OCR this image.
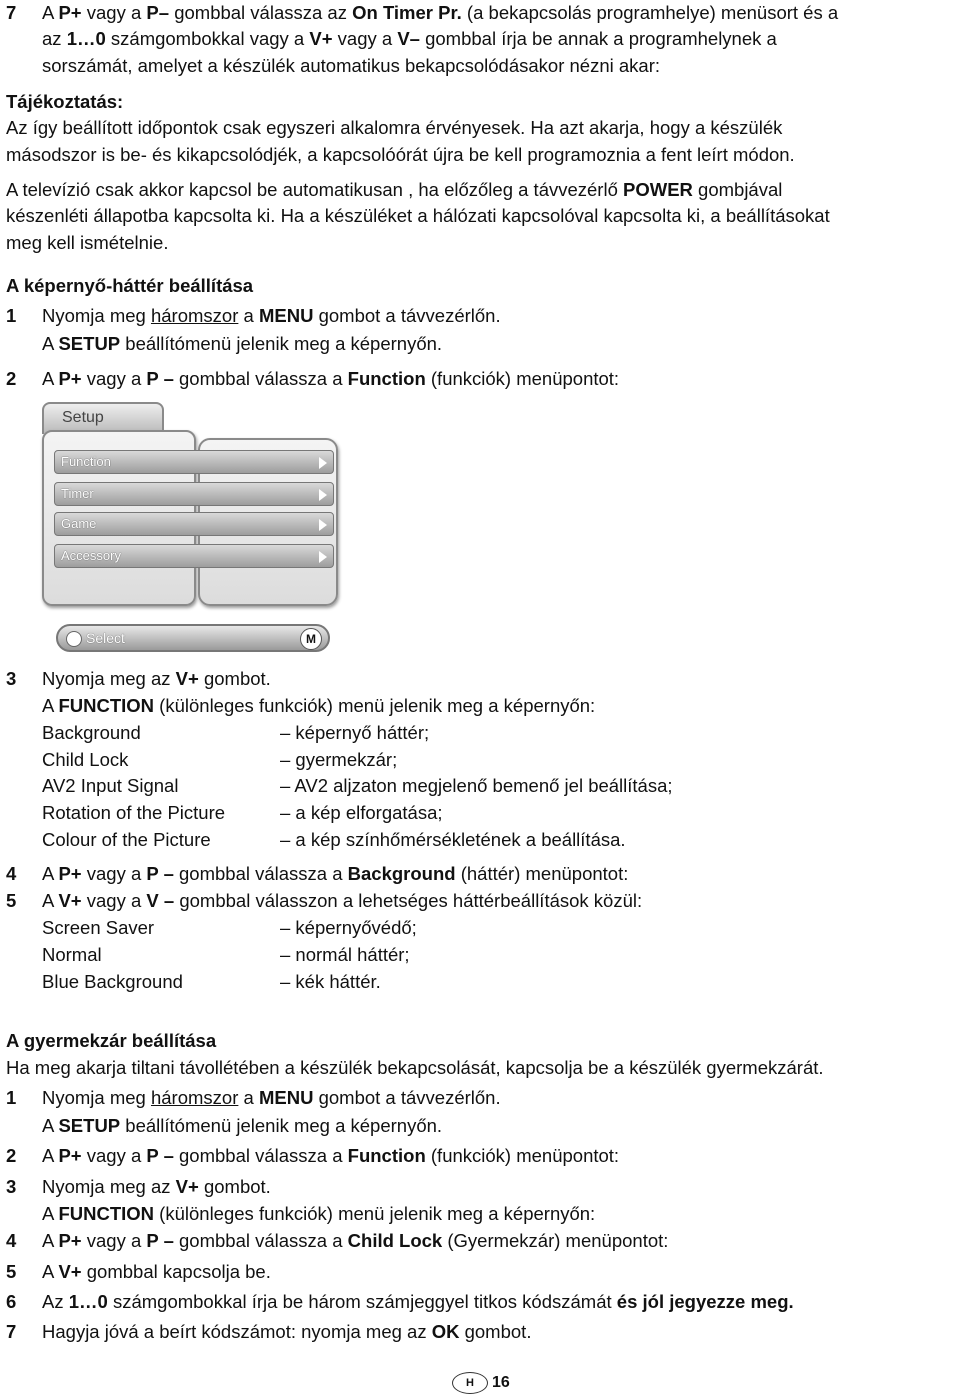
7 A P+ vagy a P– gombbal válassza az On Timer Pr. (a bekapcsolás programhelye) menüsort és a
az 1…0 számgombokkal vagy a V+ vagy a V– gombbal írja be annak a programhelynek a
sorszámát, amelyet a készülék automatikus bekapcsolódásakor nézni akar:
Tájékoztatás:
Az így beállított időpontok csak egyszeri alkalomra érvényesek. Ha azt akarja, hogy a készülék
másodszor is be- és kikapcsolódjék, a kapcsolóórát újra be kell programoznia a fent leírt módon.
A televízió csak akkor kapcsol be automatikusan , ha előzőleg a távvezérlő POWER gombjával
készenléti állapotba kapcsolta ki. Ha a készüléket a hálózati kapcsolóval kapcsolta ki, a beállításokat
meg kell ismételnie.
A képernyő-háttér beállítása
1 Nyomja meg háromszor a MENU gombot a távvezérlőn.
A SETUP beállítómenü jelenik meg a képernyőn.
2 A P+ vagy a P – gombbal válassza a Function (funkciók) menüpontot:
Setup
Function
Timer
Game
Accessory
Select	M
3 Nyomja meg az V+ gombot.
A FUNCTION (különleges funkciók) menü jelenik meg a képernyőn:
Background	– képernyő háttér;
Child Lock	– gyermekzár;
AV2 Input Signal	– AV2 aljzaton megjelenő bemenő jel beállítása;
Rotation of the Picture	– a kép elforgatása;
Colour of the Picture	– a kép színhőmérsékletének a beállítása.
4 A P+ vagy a P – gombbal válassza a Background (háttér) menüpontot:
5 A V+ vagy a V – gombbal válasszon a lehetséges háttérbeállítások közül:
Screen Saver	– képernyővédő;
Normal	– normál háttér;
Blue Background	– kék háttér.
A gyermekzár beállítása
Ha meg akarja tiltani távollétében a készülék bekapcsolását, kapcsolja be a készülék gyermekzárát.
1 Nyomja meg háromszor a MENU gombot a távvezérlőn.
A SETUP beállítómenü jelenik meg a képernyőn.
2 A P+ vagy a P – gombbal válassza a Function (funkciók) menüpontot:
3 Nyomja meg az V+ gombot.
A FUNCTION (különleges funkciók) menü jelenik meg a képernyőn:
4 A P+ vagy a P – gombbal válassza a Child Lock (Gyermekzár) menüpontot:
5 A V+ gombbal kapcsolja be.
6 Az 1…0 számgombokkal írja be három számjeggyel titkos kódszámát és jól jegyezze meg.
7 Hagyja jóvá a beírt kódszámot: nyomja meg az OK gombot.
H	16
